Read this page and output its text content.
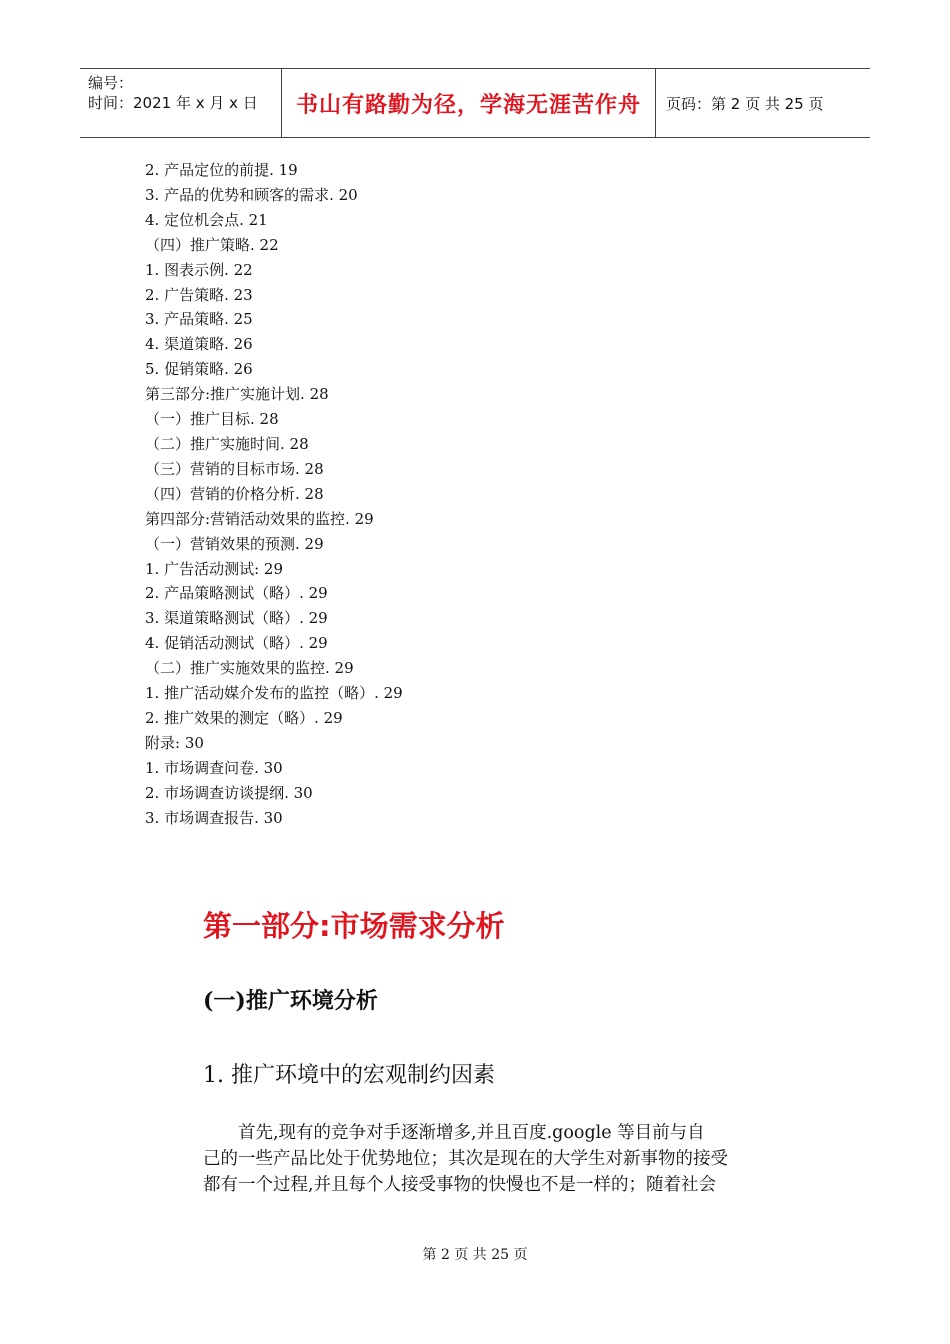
编号：
时间：2021 年 x 月 x 日	书山有路勤为径，学海无涯苦作舟 页码：第 2 页 共 25 页
2. 产品定位的前提. 19
3. 产品的优势和顾客的需求. 20
4. 定位机会点. 21
（四）推广策略. 22
1. 图表示例. 22
2. 广告策略. 23
3. 产品策略. 25
4. 渠道策略. 26
5. 促销策略. 26
第三部分:推广实施计划. 28
（一）推广目标. 28
（二）推广实施时间. 28
（三）营销的目标市场. 28
（四）营销的价格分析. 28
第四部分:营销活动效果的监控. 29
（一）营销效果的预测. 29
1. 广告活动测试: 29
2. 产品策略测试（略）. 29
3. 渠道策略测试（略）. 29
4. 促销活动测试（略）. 29
（二）推广实施效果的监控. 29
1. 推广活动媒介发布的监控（略）. 29
2. 推广效果的测定（略）. 29
附录: 30
1. 市场调查问卷. 30
2. 市场调查访谈提纲. 30
3. 市场调查报告. 30
第一部分:市场需求分析
(一)推广环境分析
1. 推广环境中的宏观制约因素
　　首先,现有的竞争对手逐渐增多,并且百度.google 等目前与自
己的一些产品比处于优势地位；其次是现在的大学生对新事物的接受
都有一个过程,并且每个人接受事物的快慢也不是一样的；随着社会
第 2 页 共 25 页
